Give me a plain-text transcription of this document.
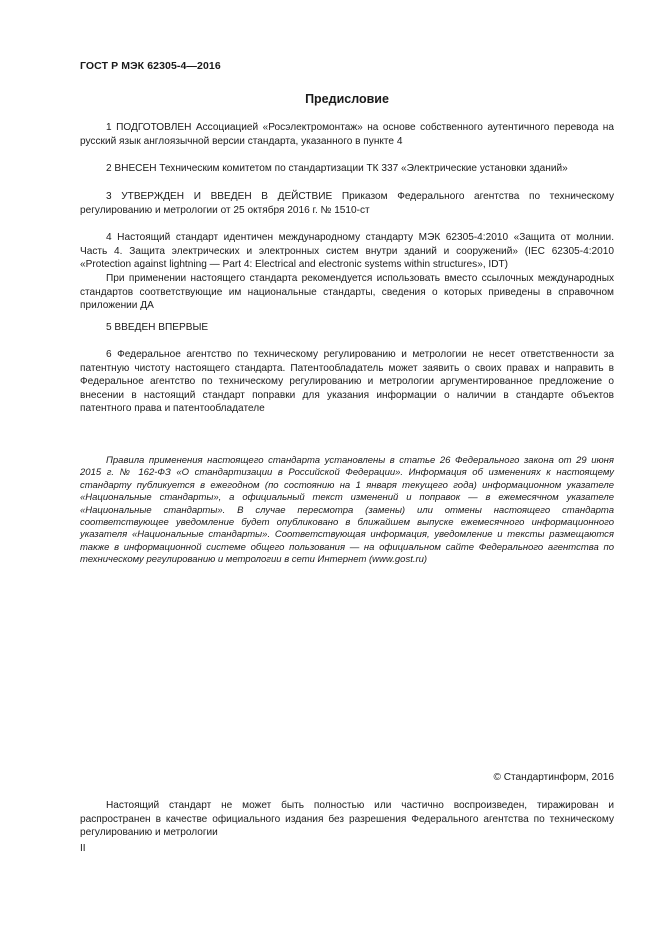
ГОСТ Р МЭК 62305-4—2016
Предисловие

1 ПОДГОТОВЛЕН Ассоциацией «Росэлектромонтаж» на основе собственного аутентичного перевода на русский язык англоязычной версии стандарта, указанного в пункте 4

2 ВНЕСЕН Техническим комитетом по стандартизации ТК 337 «Электрические установки зданий»

3 УТВЕРЖДЕН И ВВЕДЕН В ДЕЙСТВИЕ Приказом Федерального агентства по техническому регулированию и метрологии от 25 октября 2016 г. № 1510-ст

4 Настоящий стандарт идентичен международному стандарту МЭК 62305-4:2010 «Защита от молнии. Часть 4. Защита электрических и электронных систем внутри зданий и сооружений» (IEC 62305-4:2010 «Protection against lightning — Part 4: Electrical and electronic systems within structures», IDT)

При применении настоящего стандарта рекомендуется использовать вместо ссылочных международных стандартов соответствующие им национальные стандарты, сведения о которых приведены в справочном приложении ДА

5 ВВЕДЕН ВПЕРВЫЕ

6 Федеральное агентство по техническому регулированию и метрологии не несет ответственности за патентную чистоту настоящего стандарта. Патентообладатель может заявить о своих правах и направить в Федеральное агентство по техническому регулированию и метрологии аргументированное предложение о внесении в настоящий стандарт поправки для указания информации о наличии в стандарте объектов патентного права и патентообладателе

Правила применения настоящего стандарта установлены в статье 26 Федерального закона от 29 июня 2015 г. № 162-ФЗ «О стандартизации в Российской Федерации». Информация об изменениях к настоящему стандарту публикуется в ежегодном (по состоянию на 1 января текущего года) информационном указателе «Национальные стандарты», а официальный текст изменений и поправок — в ежемесячном указателе «Национальные стандарты». В случае пересмотра (замены) или отмены настоящего стандарта соответствующее уведомление будет опубликовано в ближайшем выпуске ежемесячного информационного указателя «Национальные стандарты». Соответствующая информация, уведомление и тексты размещаются также в информационной системе общего пользования — на официальном сайте Федерального агентства по техническому регулированию и метрологии в сети Интернет (www.gost.ru)

© Стандартинформ, 2016

Настоящий стандарт не может быть полностью или частично воспроизведен, тиражирован и распространен в качестве официального издания без разрешения Федерального агентства по техническому регулированию и метрологии

II
